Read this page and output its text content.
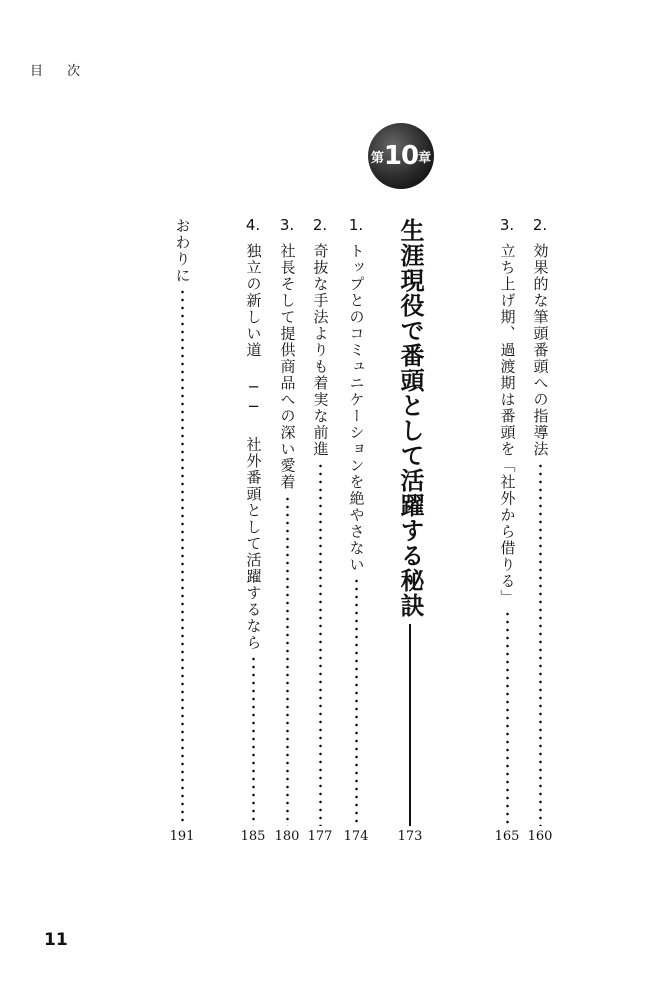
目 次
第 10 章
2.
効果的な筆頭番頭への指導法
160
3.
立ち上げ期、過渡期は番頭を「社外から借りる」
165
生涯現役で番頭として活躍する秘訣
173
1.
トップとのコミュニケーションを絶やさない
174
2.
奇抜な手法よりも着実な前進
177
3.
社長そして提供商品への深い愛着
180
4.
独立の新しい道 ── 社外番頭として活躍するなら
185
おわりに
191
11
